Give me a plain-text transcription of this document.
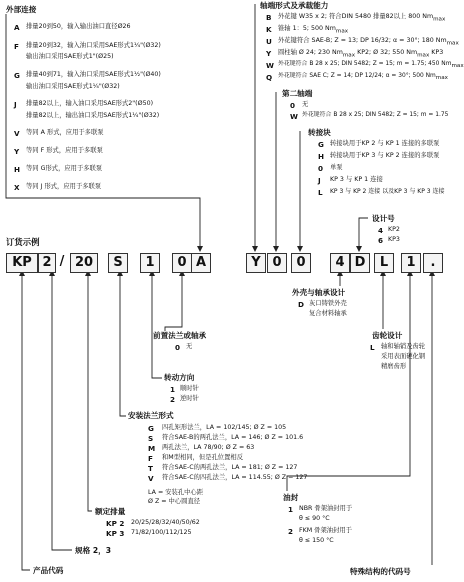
外部连接
A 排量20到50，输入输出油口直径Ø26
F 排量20到32，输入油口采用SAE形式1¹⁄₄"(Ø32)
输出油口采用SAE形式1"(Ø25)
G 排量40到71，输入油口采用SAE形式1¹⁄₂"(Ø40)
输出油口采用SAE形式1¹⁄₄"(Ø32)
J 排量82以上，输入油口采用SAE形式2"(Ø50)
排量82以上，输出油口采用SAE形式1¹⁄₄"(Ø32)
V 等同 A 形式，应用于多联泵
Y 等同 F 形式，应用于多联泵
H 等同 G形式，应用于多联泵
X 等同 J 形式，应用于多联泵
轴端形式及承载能力
B 外花键 W35 x 2; 符合DIN 5480 排量82以上 800 $Nm_{max}$
K 锥轴 1：5; 500 $Nm_{max}$
U 外花键符合 SAE-B; Z = 13; DP 16/32; α = 30°; 180 $Nm_{max}$
Y 圆柱轴 Ø 24; 230 $Nm_{max}$ KP2; Ø 32; 550 $Nm_{max}$ KP3
W 外花键符合 B 28 x 25; DIN 5482; Z = 15; m = 1.75; 450 $Nm_{max}$
Q 外花键符合 SAE C; Z = 14; DP 12/24; α = 30°; 500 $Nm_{max}$
第二轴端
0 无
W 外花键符合 B 28 x 25; DIN 5482; Z = 15; m = 1.75
转接块
G 转接块用于KP 2 与 KP 1 连接的多联泵
H 转接块用于KP 3 与 KP 2 连接的多联泵
0 单泵
J KP 3 与 KP 1 连接
L KP 3 与 KP 2 连接 以及KP 3 与 KP 3 连接
设计号
4 KP2
6 KP3
订货示例
KP 2 / 20	S	1	0 A	Y 0	0	4 D	L	1	.
外壳与轴承设计
D 灰口铸铁外壳
复合材料轴承
齿轮设计
L 轴和轴销及齿轮
采用表面硬化钢
精磨齿形
前置法兰或轴承
0 无
转动方向
1 顺时针
2 逆时针
安装法兰形式
G 四孔矩形法兰，LA = 102/145; Ø Z = 105
S 符合SAE-B的两孔法兰，LA = 146; Ø Z = 101.6
M 两孔法兰，LA 78/90; Ø Z = 63
F 和M型相同，但是孔位置相反
T 符合SAE-C的两孔法兰，LA = 181; Ø Z = 127
V 符合SAE-C的四孔法兰，LA = 114.55; Ø Z = 127
LA = 安装孔中心距
Ø Z = 中心圆直径
额定排量
KP 2 20/25/28/32/40/50/62
KP 3 71/82/100/112/125
规格 2，3
产品代码
油封
1 NBR 骨架油封用于
θ ≤ 90 °C
2 FKM 骨架油封用于
θ ≤ 150 °C
特殊结构的代码号
